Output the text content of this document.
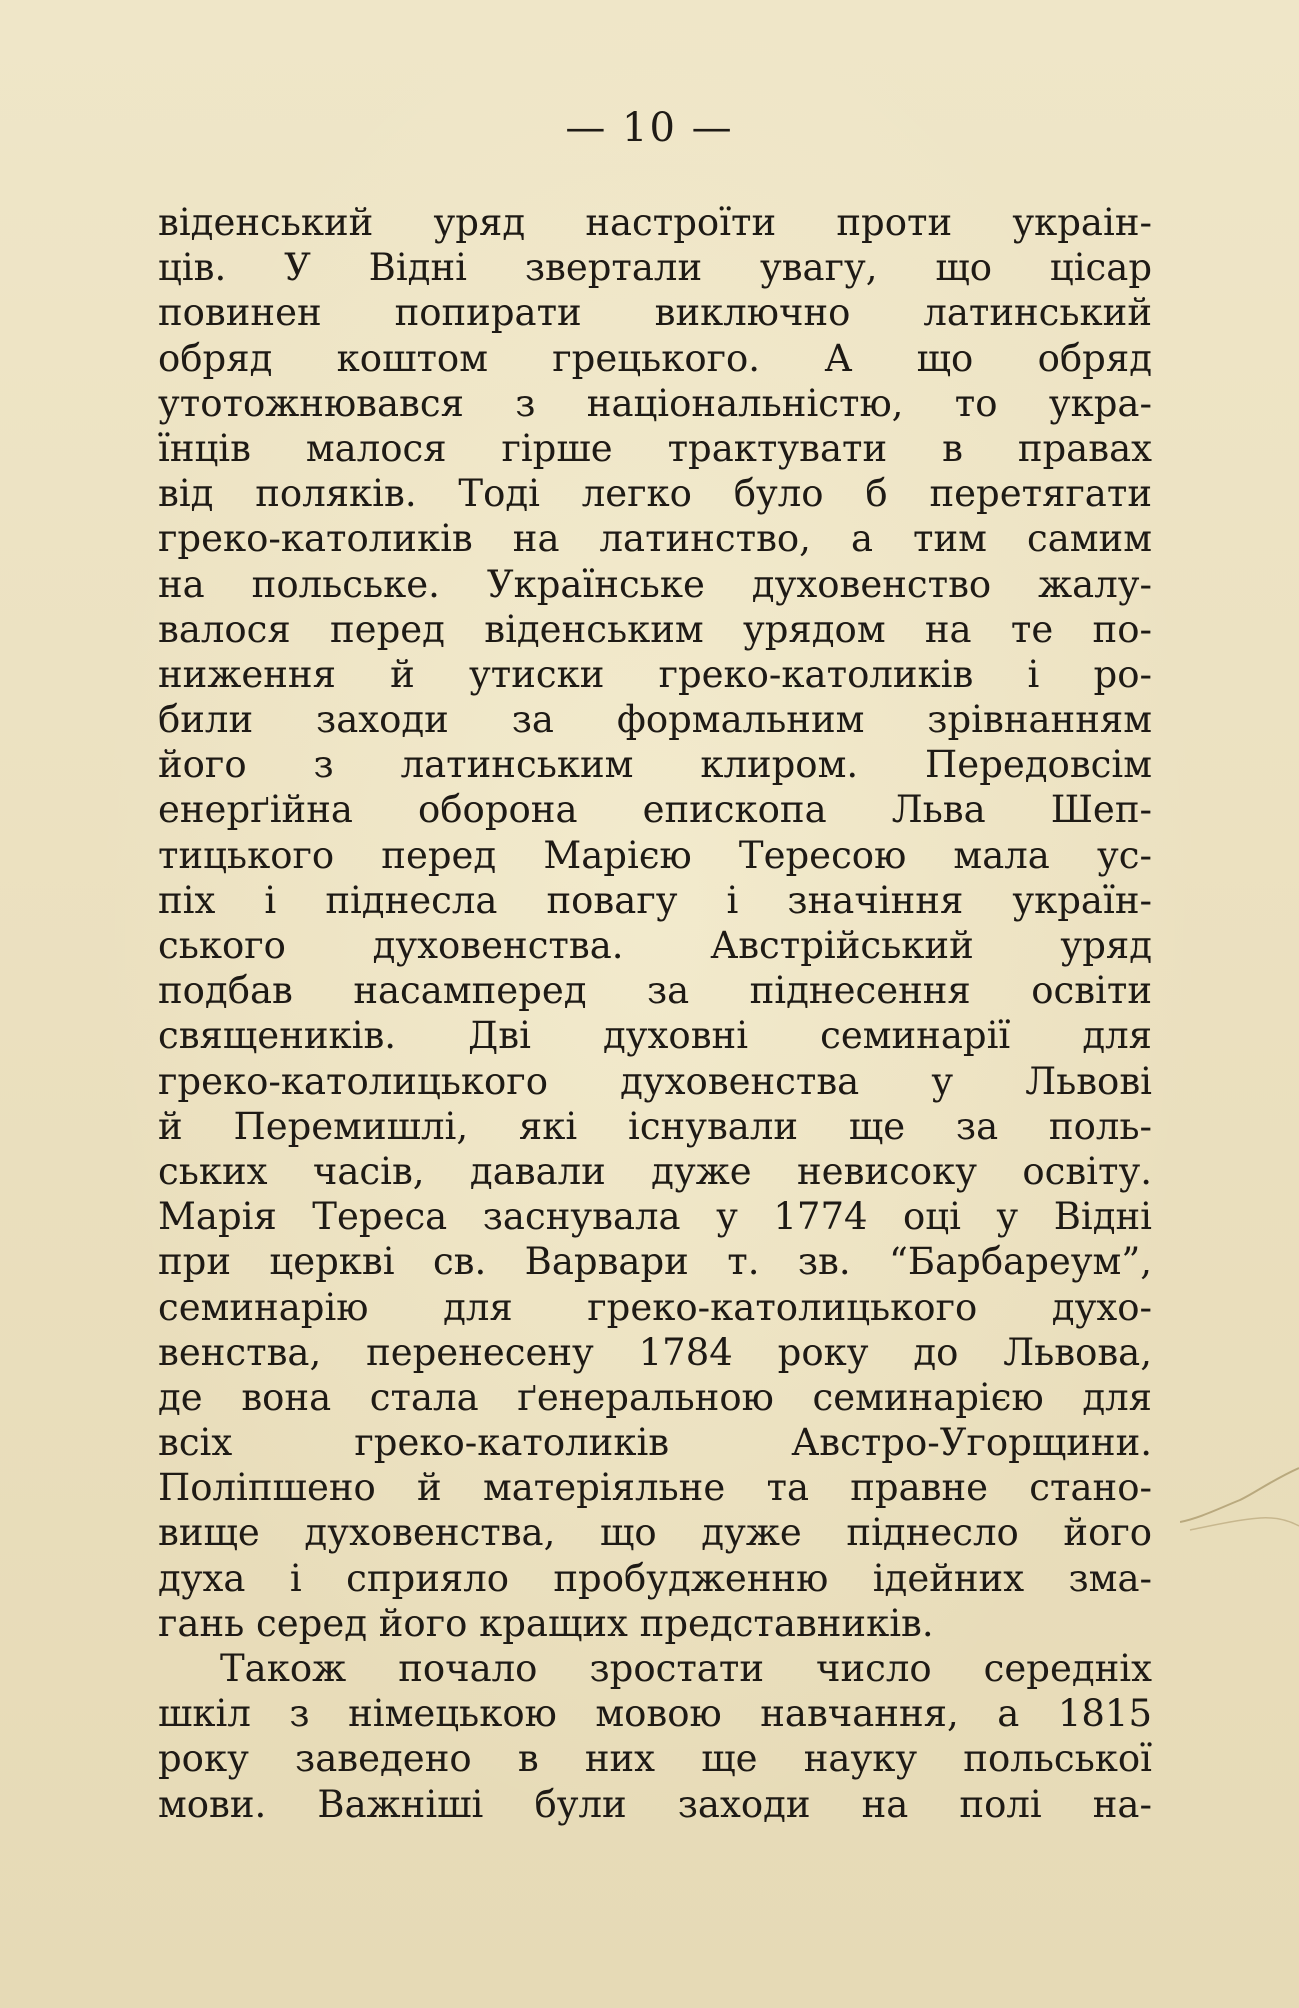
— 10 —
віденський уряд настроїти проти украін-
ців. У Відні звертали увагу, що цісар
повинен попирати виключно латинський
обряд коштом грецького. А що обряд
утотожнювався з національністю, то укра-
їнців малося гірше трактувати в правах
від поляків. Тоді легко було б перетягати
греко-католиків на латинство, а тим самим
на польське. Українське духовенство жалу-
валося перед віденським урядом на те по-
ниження й утиски греко-католиків і ро-
били заходи за формальним зрівнанням
його з латинським клиром. Передовсім
енерґійна оборона епископа Льва Шеп-
тицького перед Марією Тересою мала ус-
піх і піднесла повагу і значіння україн-
ського духовенства. Австрійський уряд
подбав насамперед за піднесення освіти
священиків. Дві духовні семинарії для
греко-католицького духовенства у Львові
й Перемишлі, які існували ще за поль-
ських часів, давали дуже невисоку освіту.
Марія Тереса заснувала у 1774 оці у Відні
при церкві св. Варвари т. зв. “Барбареум”,
семинарію для греко-католицького духо-
венства, перенесену 1784 року до Львова,
де вона стала ґенеральною семинарією для
всіх греко-католиків Австро-Угорщини.
Поліпшено й матеріяльне та правне стано-
вище духовенства, що дуже піднесло його
духа і сприяло пробудженню ідейних зма-
гань серед його кращих представників.
Також почало зростати число середніх
шкіл з німецькою мовою навчання, а 1815
року заведено в них ще науку польської
мови. Важніші були заходи на полі на-
